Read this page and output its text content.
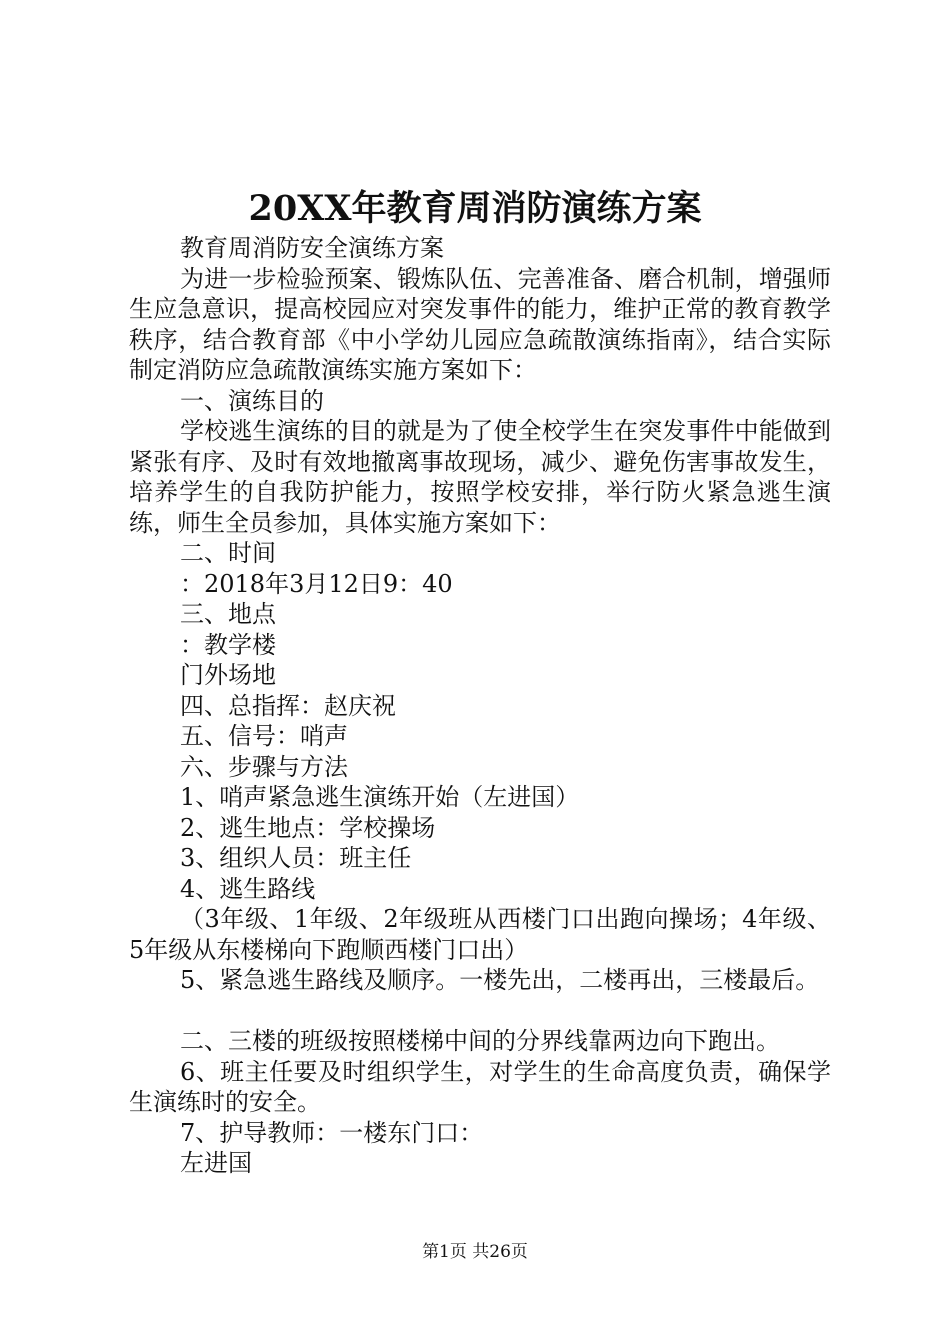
20XX年教育周消防演练方案

教育周消防安全演练方案

为进一步检验预案、锻炼队伍、完善准备、磨合机制，增强师生应急意识，提高校园应对突发事件的能力，维护正常的教育教学秩序，结合教育部《中小学幼儿园应急疏散演练指南》，结合实际制定消防应急疏散演练实施方案如下：

一、演练目的

学校逃生演练的目的就是为了使全校学生在突发事件中能做到紧张有序、及时有效地撤离事故现场，减少、避免伤害事故发生，培养学生的自我防护能力，按照学校安排，举行防火紧急逃生演练，师生全员参加，具体实施方案如下：

二、时间

：2018年3月12日9：40

三、地点

：教学楼

门外场地

四、总指挥：赵庆祝

五、信号：哨声

六、步骤与方法

1、哨声紧急逃生演练开始（左进国）

2、逃生地点：学校操场

3、组织人员：班主任

4、逃生路线

（3年级、1年级、2年级班从西楼门口出跑向操场；4年级、5年级从东楼梯向下跑顺西楼门口出）

5、紧急逃生路线及顺序。一楼先出，二楼再出，三楼最后。

二、三楼的班级按照楼梯中间的分界线靠两边向下跑出。

6、班主任要及时组织学生，对学生的生命高度负责，确保学生演练时的安全。

7、护导教师：一楼东门口：

左进国

第1页 共26页
